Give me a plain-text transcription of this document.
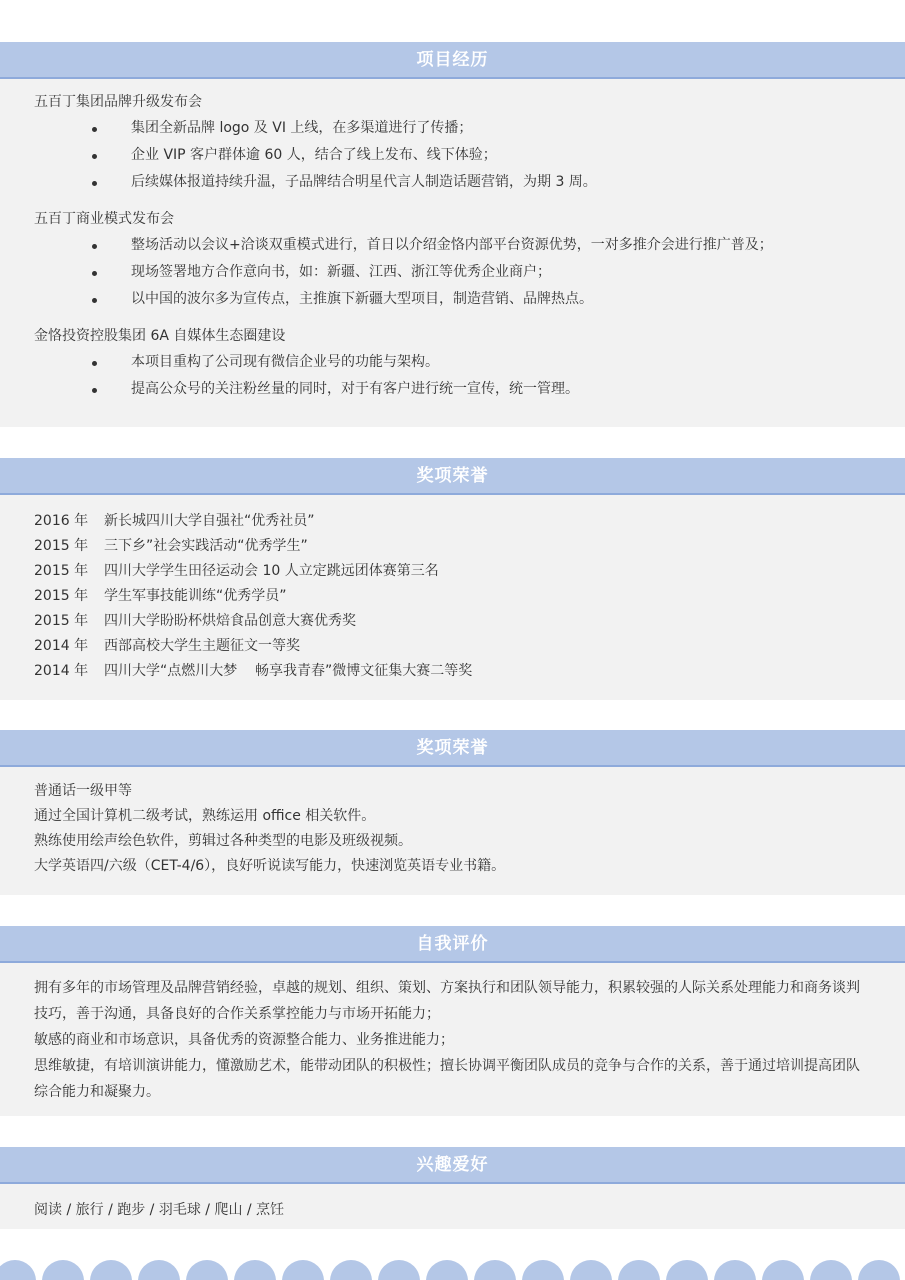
项目经历

五百丁集团品牌升级发布会

集团全新品牌 logo 及 VI 上线，在多渠道进行了传播；
企业 VIP 客户群体逾 60 人，结合了线上发布、线下体验；
后续媒体报道持续升温，子品牌结合明星代言人制造话题营销，为期 3 周。

五百丁商业模式发布会

整场活动以会议+洽谈双重模式进行，首日以介绍金恪内部平台资源优势，一对多推介会进行推广普及；
现场签署地方合作意向书，如：新疆、江西、浙江等优秀企业商户；
以中国的波尔多为宣传点，主推旗下新疆大型项目，制造营销、品牌热点。

金恪投资控股集团 6A 自媒体生态圈建设

本项目重构了公司现有微信企业号的功能与架构。
提高公众号的关注粉丝量的同时，对于有客户进行统一宣传，统一管理。
奖项荣誉
2016 年 新长城四川大学自强社“优秀社员”
2015 年 三下乡”社会实践活动“优秀学生”
2015 年 四川大学学生田径运动会 10 人立定跳远团体赛第三名
2015 年 学生军事技能训练“优秀学员”
2015 年 四川大学盼盼杯烘焙食品创意大赛优秀奖
2014 年 西部高校大学生主题征文一等奖
2014 年 四川大学“点燃川大梦    畅享我青春”微博文征集大赛二等奖
奖项荣誉
普通话一级甲等
通过全国计算机二级考试，熟练运用 office 相关软件。
熟练使用绘声绘色软件，剪辑过各种类型的电影及班级视频。
大学英语四/六级（CET-4/6），良好听说读写能力，快速浏览英语专业书籍。
自我评价
拥有多年的市场管理及品牌营销经验，卓越的规划、组织、策划、方案执行和团队领导能力，积累较强的人际关系处理能力和商务谈判技巧，善于沟通，具备良好的合作关系掌控能力与市场开拓能力；
敏感的商业和市场意识，具备优秀的资源整合能力、业务推进能力；
思维敏捷，有培训演讲能力，懂激励艺术，能带动团队的积极性；擅长协调平衡团队成员的竞争与合作的关系，善于通过培训提高团队综合能力和凝聚力。
兴趣爱好
阅读 / 旅行 / 跑步 / 羽毛球 / 爬山 / 烹饪
